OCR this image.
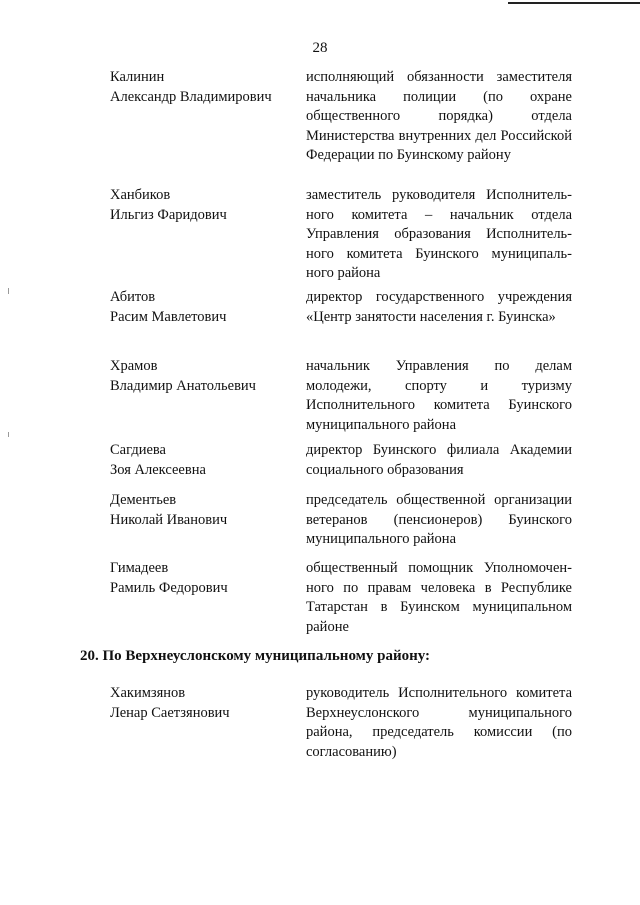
28
Калинин
Александр Владимирович
исполняющий обязанности заместителя начальника полиции (по охране общественного порядка) отдела Министерства внутренних дел Российской Федерации по Буинскому району
Ханбиков
Ильгиз Фаридович
заместитель руководителя Исполнитель-ного комитета – начальник отдела Управления образования Исполнитель-ного комитета Буинского муниципаль-ного района
Абитов
Расим Мавлетович
директор государственного учреждения «Центр занятости населения г. Буинска»
Храмов
Владимир Анатольевич
начальник Управления по делам молодежи, спорту и туризму Исполнительного комитета Буинского муниципального района
Сагдиева
Зоя Алексеевна
директор Буинского филиала Академии социального образования
Дементьев
Николай Иванович
председатель общественной организации ветеранов (пенсионеров) Буинского муниципального района
Гимадеев
Рамиль Федорович
общественный помощник Уполномочен-ного по правам человека в Республике Татарстан в Буинском муниципальном районе
20. По Верхнеуслонскому муниципальному району:
Хакимзянов
Ленар Саетзянович
руководитель Исполнительного комитета Верхнеуслонского муниципального района, председатель комиссии (по согласованию)
